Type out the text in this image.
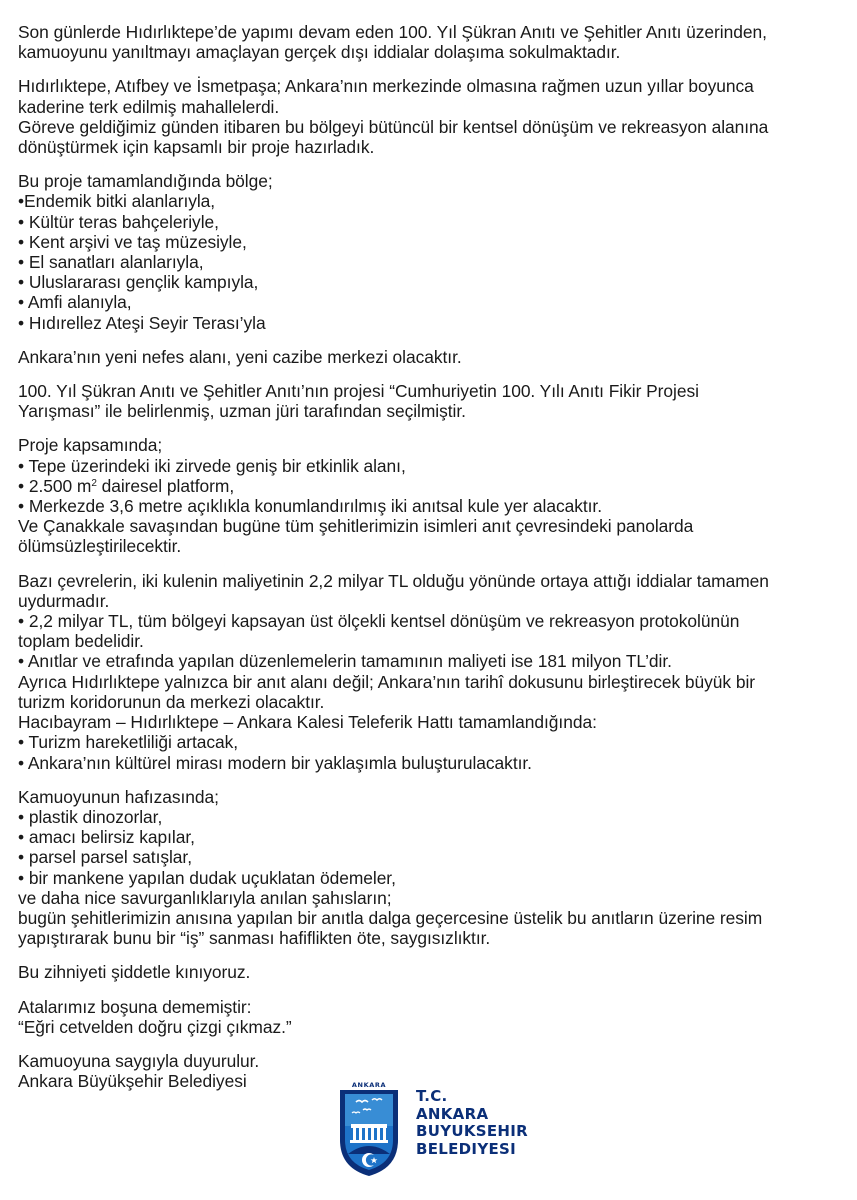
Son günlerde Hıdırlıktepe’de yapımı devam eden 100. Yıl Şükran Anıtı ve Şehitler Anıtı üzerinden,
kamuoyunu yanıltmayı amaçlayan gerçek dışı iddialar dolaşıma sokulmaktadır.

Hıdırlıktepe, Atıfbey ve İsmetpaşa; Ankara’nın merkezinde olmasına rağmen uzun yıllar boyunca
kaderine terk edilmiş mahallelerdi.
Göreve geldiğimiz günden itibaren bu bölgeyi bütüncül bir kentsel dönüşüm ve rekreasyon alanına
dönüştürmek için kapsamlı bir proje hazırladık.

Bu proje tamamlandığında bölge;
•Endemik bitki alanlarıyla,
• Kültür teras bahçeleriyle,
• Kent arşivi ve taş müzesiyle,
• El sanatları alanlarıyla,
• Uluslararası gençlik kampıyla,
• Amfi alanıyla,
• Hıdırellez Ateşi Seyir Terası’yla

Ankara’nın yeni nefes alanı, yeni cazibe merkezi olacaktır.

100. Yıl Şükran Anıtı ve Şehitler Anıtı’nın projesi “Cumhuriyetin 100. Yılı Anıtı Fikir Projesi
Yarışması” ile belirlenmiş, uzman jüri tarafından seçilmiştir.

Proje kapsamında;
• Tepe üzerindeki iki zirvede geniş bir etkinlik alanı,
• 2.500 $m^2$ dairesel platform,
• Merkezde 3,6 metre açıklıkla konumlandırılmış iki anıtsal kule yer alacaktır.
Ve Çanakkale savaşından bugüne tüm şehitlerimizin isimleri anıt çevresindeki panolarda
ölümsüzleştirilecektir.

Bazı çevrelerin, iki kulenin maliyetinin 2,2 milyar TL olduğu yönünde ortaya attığı iddialar tamamen
uydurmadır.
• 2,2 milyar TL, tüm bölgeyi kapsayan üst ölçekli kentsel dönüşüm ve rekreasyon protokolünün
toplam bedelidir.
• Anıtlar ve etrafında yapılan düzenlemelerin tamamının maliyeti ise 181 milyon TL’dir.
Ayrıca Hıdırlıktepe yalnızca bir anıt alanı değil; Ankara’nın tarihî dokusunu birleştirecek büyük bir
turizm koridorunun da merkezi olacaktır.
Hacıbayram – Hıdırlıktepe – Ankara Kalesi Teleferik Hattı tamamlandığında:
• Turizm hareketliliği artacak,
• Ankara’nın kültürel mirası modern bir yaklaşımla buluşturulacaktır.

Kamuoyunun hafızasında;
• plastik dinozorlar,
• amacı belirsiz kapılar,
• parsel parsel satışlar,
• bir mankene yapılan dudak uçuklatan ödemeler,
ve daha nice savurganlıklarıyla anılan şahısların;
bugün şehitlerimizin anısına yapılan bir anıtla dalga geçercesine üstelik bu anıtların üzerine resim
yapıştırarak bunu bir “iş” sanması hafiflikten öte, saygısızlıktır.

Bu zihniyeti şiddetle kınıyoruz.

Atalarımız boşuna dememiştir:
“Eğri cetvelden doğru çizgi çıkmaz.”

Kamuoyuna saygıyla duyurulur.
Ankara Büyükşehir Belediyesi	ANKARA
T.C.
ANKARA
BUYUKSEHIR
BELEDIYESI
